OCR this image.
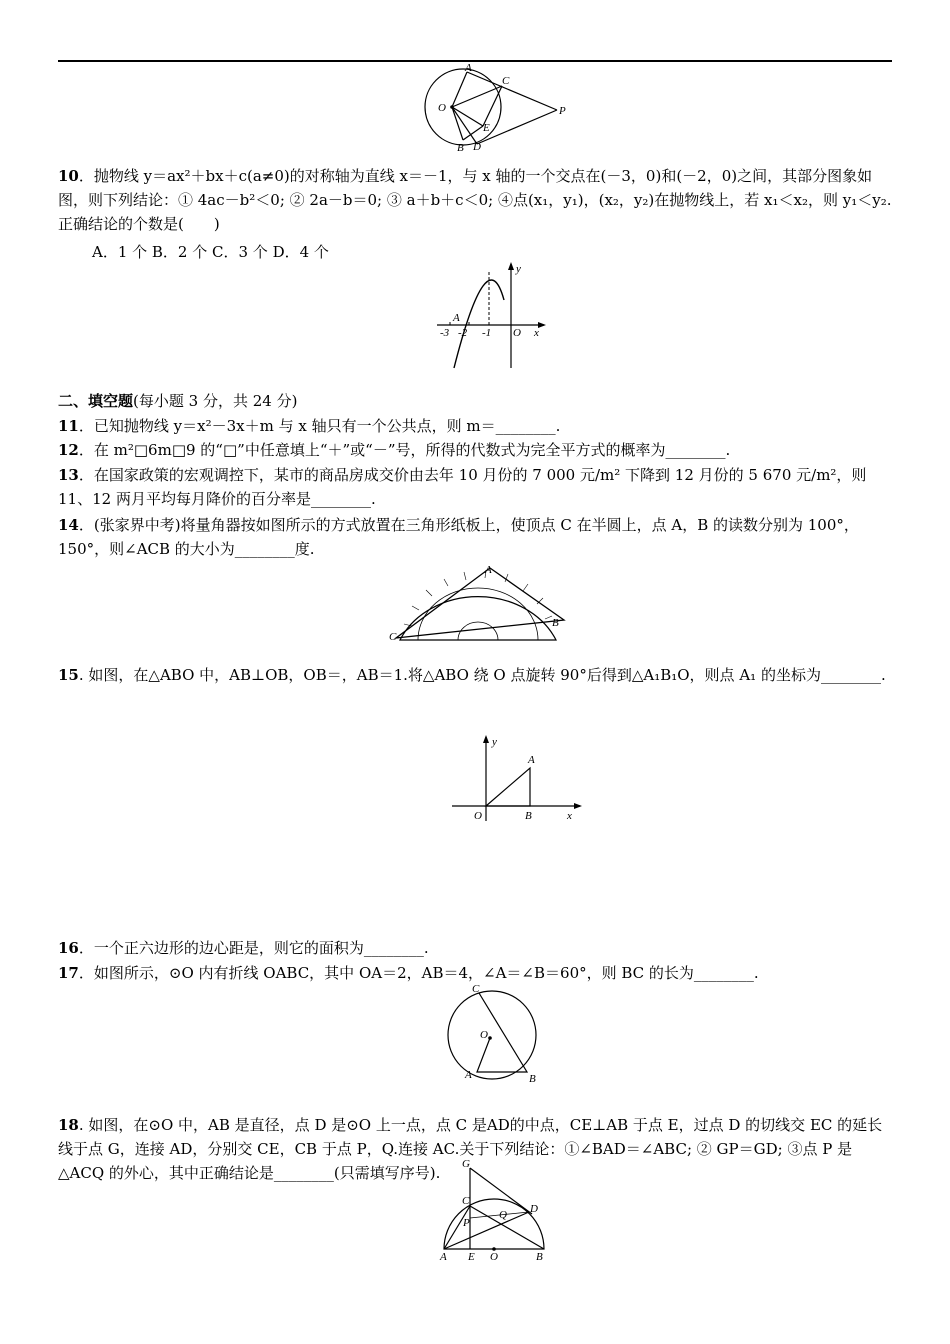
A
C
O	P
E
B D
10．抛物线 y＝ax²＋bx＋c(a≠0)的对称轴为直线 x＝－1，与 x 轴的一个交点在(－3，0)和(－2，0)之间，其部分图象如图，则下列结论：① 4ac－b²＜0; ② 2a－b＝0; ③ a＋b＋c＜0; ④点(x₁，y₁)，(x₂，y₂)在抛物线上，若 x₁＜x₂，则 y₁＜y₂.正确结论的个数是(　　)
A．1 个 B．2 个 C．3 个 D．4 个
y
A
O x
-3 -2 -1
二、填空题(每小题 3 分，共 24 分)
11．已知抛物线 y＝x²－3x＋m 与 x 轴只有一个公共点，则 m＝________.
12．在 m²□6m□9 的“□”中任意填上“＋”或“－”号，所得的代数式为完全平方式的概率为________.
13．在国家政策的宏观调控下，某市的商品房成交价由去年 10 月份的 7 000 元/m² 下降到 12 月份的 5 670 元/m²，则 11、12 两月平均每月降价的百分率是________.
14．(张家界中考)将量角器按如图所示的方式放置在三角形纸板上，使顶点 C 在半圆上，点 A，B 的读数分别为 100°，150°，则∠ACB 的大小为________度.
A
C
B
15. 如图，在△ABO 中，AB⊥OB，OB＝，AB＝1.将△ABO 绕 O 点旋转 90°后得到△A₁B₁O，则点 A₁ 的坐标为________.
y
A
O	B	x
16．一个正六边形的边心距是，则它的面积为________.
17．如图所示，⊙O 内有折线 OABC，其中 OA＝2，AB＝4，∠A＝∠B＝60°，则 BC 的长为________.
C
O
A	B
18. 如图，在⊙O 中，AB 是直径，点 D 是⊙O 上一点，点 C 是AD的中点，CE⊥AB 于点 E，过点 D 的切线交 EC 的延长线于点 G，连接 AD，分别交 CE，CB 于点 P，Q.连接 AC.关于下列结论：①∠BAD＝∠ABC; ② GP＝GD; ③点 P 是△ACQ 的外心，其中正确结论是________(只需填写序号).	G
C
D
Q
P
A E O	B
